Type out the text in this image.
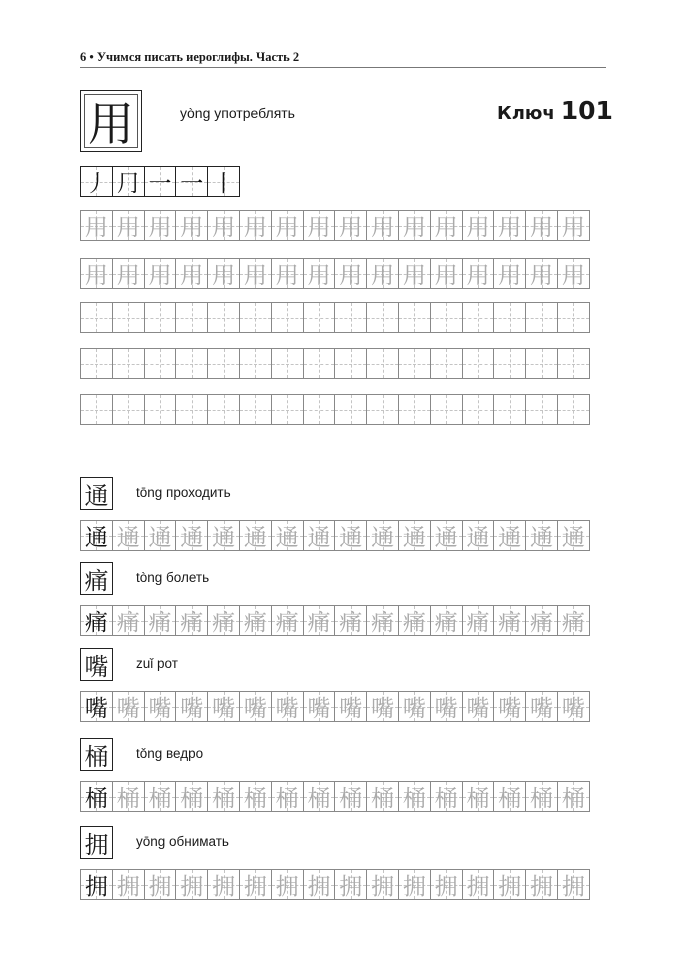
6 • Учимся писать иероглифы. Часть 2
用	yòng употреблять	Ключ 101
丿 ⺆ 一 一 丨
用 用 用 用 用 用 用 用 用 用 用 用 用 用 用 用
用 用 用 用 用 用 用 用 用 用 用 用 用 用 用 用
通 tōng проходить
通 通 通 通 通 通 通 通 通 通 通 通 通 通 通 通
痛 tòng болеть
痛 痛 痛 痛 痛 痛 痛 痛 痛 痛 痛 痛 痛 痛 痛 痛
嘴 zuǐ рот
嘴 嘴 嘴 嘴 嘴 嘴 嘴 嘴 嘴 嘴 嘴 嘴 嘴 嘴 嘴 嘴
桶 tǒng ведро
桶 桶 桶 桶 桶 桶 桶 桶 桶 桶 桶 桶 桶 桶 桶 桶
拥 yōng обнимать
拥 拥 拥 拥 拥 拥 拥 拥 拥 拥 拥 拥 拥 拥 拥 拥
